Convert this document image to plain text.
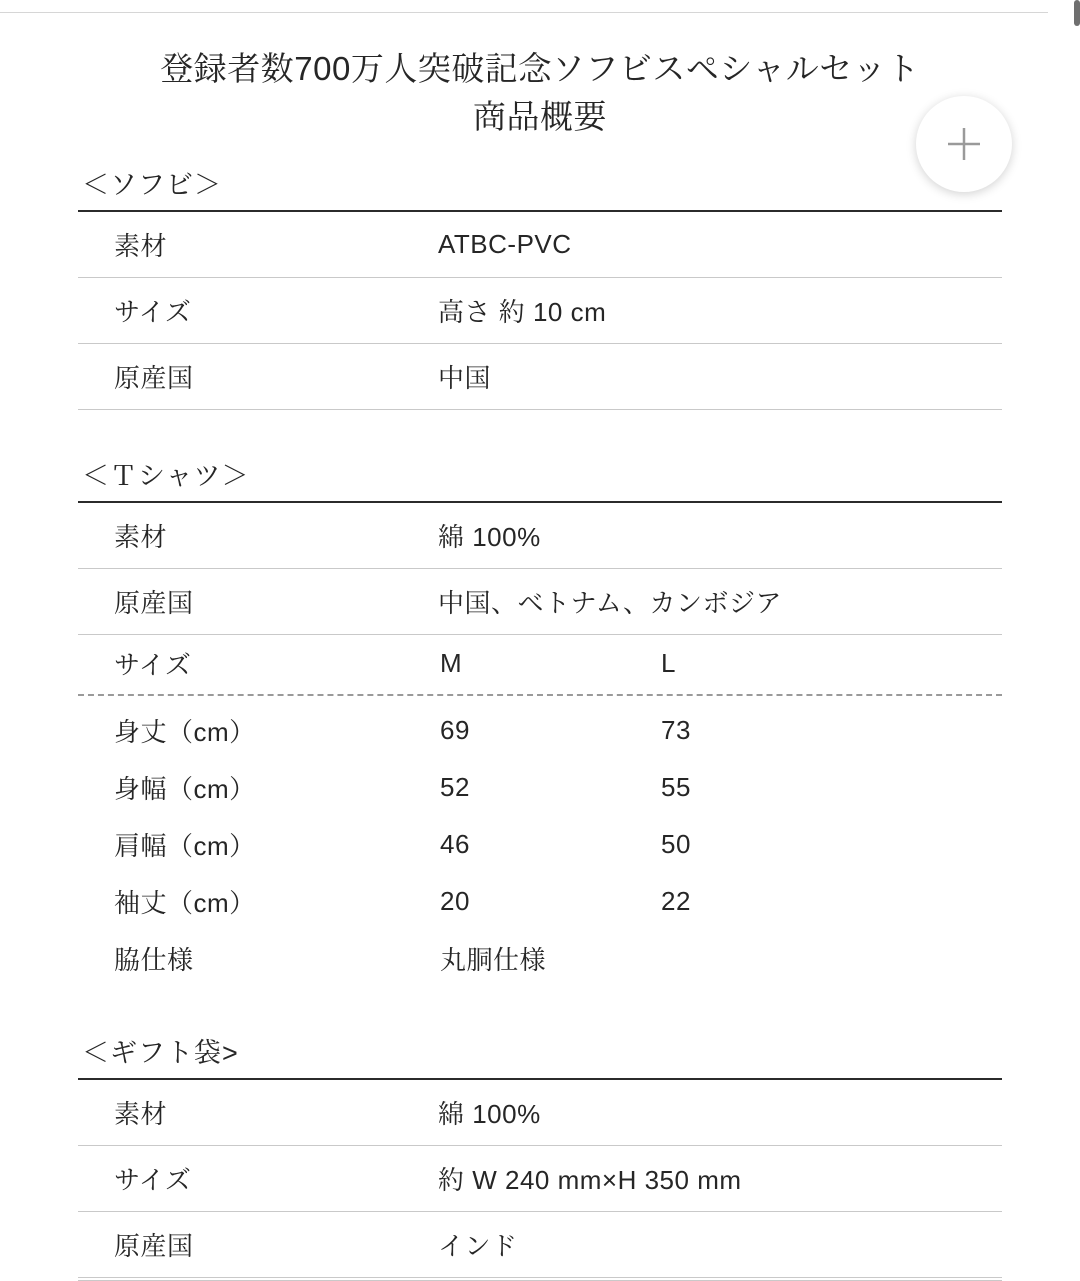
登録者数700万人突破記念ソフビスペシャルセット
商品概要
＜ソフビ＞
素材	ATBC-PVC
サイズ	高さ 約 10 cm
原産国	中国
＜Ｔシャツ＞
素材	綿 100%
原産国	中国、ベトナム、カンボジア
サイズ	M	L
身丈（cm）	69	73
身幅（cm）	52	55
肩幅（cm）	46	50
袖丈（cm）	20	22
脇仕様	丸胴仕様	
＜ギフト袋>
素材	綿 100%
サイズ	約 W 240 mm×H 350 mm
原産国	インド
